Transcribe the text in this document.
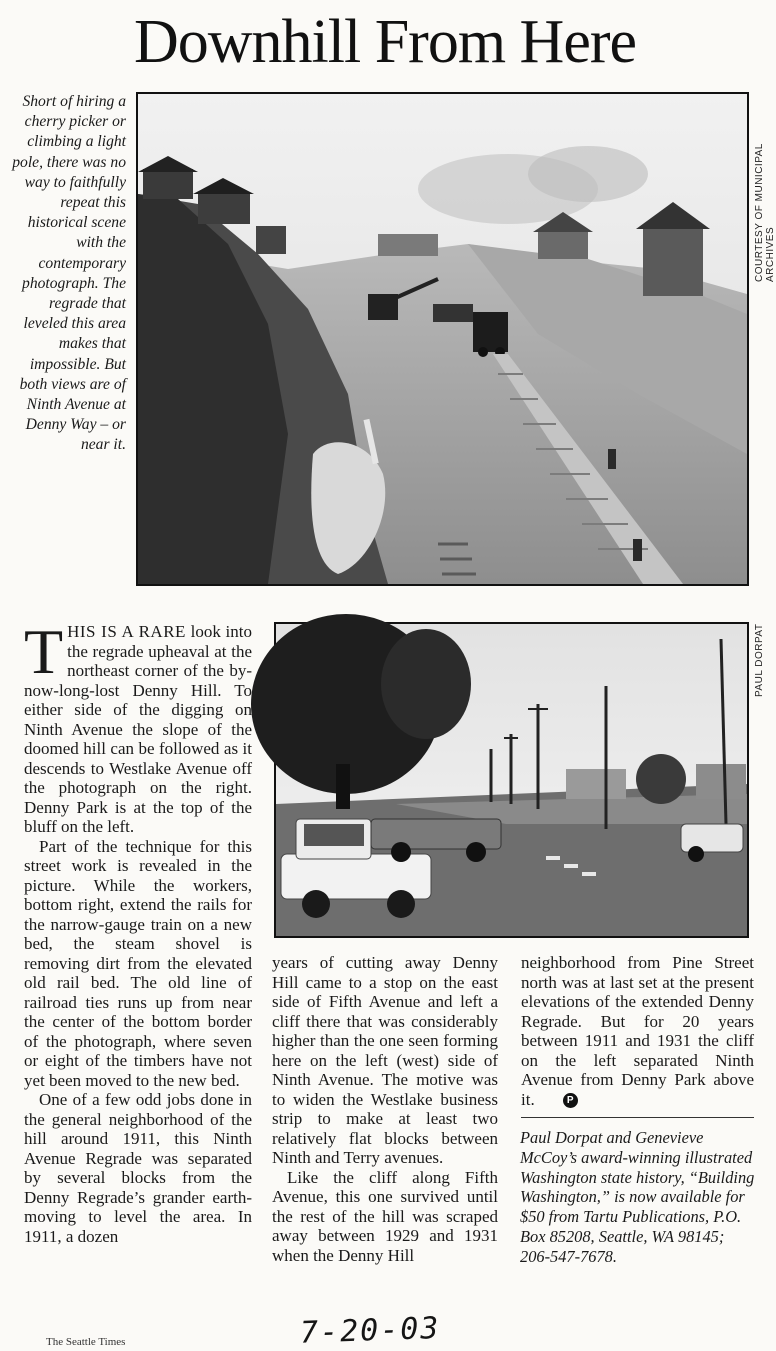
Downhill From Here
Short of hiring a cherry picker or climbing a light pole, there was no way to faithfully repeat this historical scene with the contemporary photograph. The regrade that leveled this area makes that impossible. But both views are of Ninth Avenue at Denny Way – or near it.
COURTESY OF MUNICIPAL ARCHIVES
PAUL DORPAT

THIS IS A RARE look into the regrade upheaval at the northeast corner of the by-now-long-lost Denny Hill. To either side of the digging on Ninth Avenue the slope of the doomed hill can be followed as it descends to Westlake Avenue off the photograph on the right. Denny Park is at the top of the bluff on the left.

Part of the technique for this street work is revealed in the picture. While the workers, bottom right, extend the rails for the narrow-gauge train on a new bed, the steam shovel is removing dirt from the elevated old rail bed. The old line of railroad ties runs up from near the center of the bottom border of the photograph, where seven or eight of the timbers have not yet been moved to the new bed.

One of a few odd jobs done in the general neighborhood of the hill around 1911, this Ninth Avenue Regrade was separated by several blocks from the Denny Regrade’s grander earth-moving to level the area. In 1911, a dozen

years of cutting away Denny Hill came to a stop on the east side of Fifth Avenue and left a cliff there that was considerably higher than the one seen forming here on the left (west) side of Ninth Avenue. The motive was to widen the Westlake business strip to make at least two relatively flat blocks between Ninth and Terry avenues.

Like the cliff along Fifth Avenue, this one survived until the rest of the hill was scraped away between 1929 and 1931 when the Denny Hill

neighborhood from Pine Street north was at last set at the present elevations of the extended Denny Regrade. But for 20 years between 1911 and 1931 the cliff on the left separated Ninth Avenue from Denny Park above it.	P

Paul Dorpat and Genevieve McCoy’s award-winning illustrated Washington state history, “Building Washington,” is now available for $50 from Tartu Publications, P.O. Box 85208, Seattle, WA 98145; 206-547-7678.
7-20-03
The Seattle Times
